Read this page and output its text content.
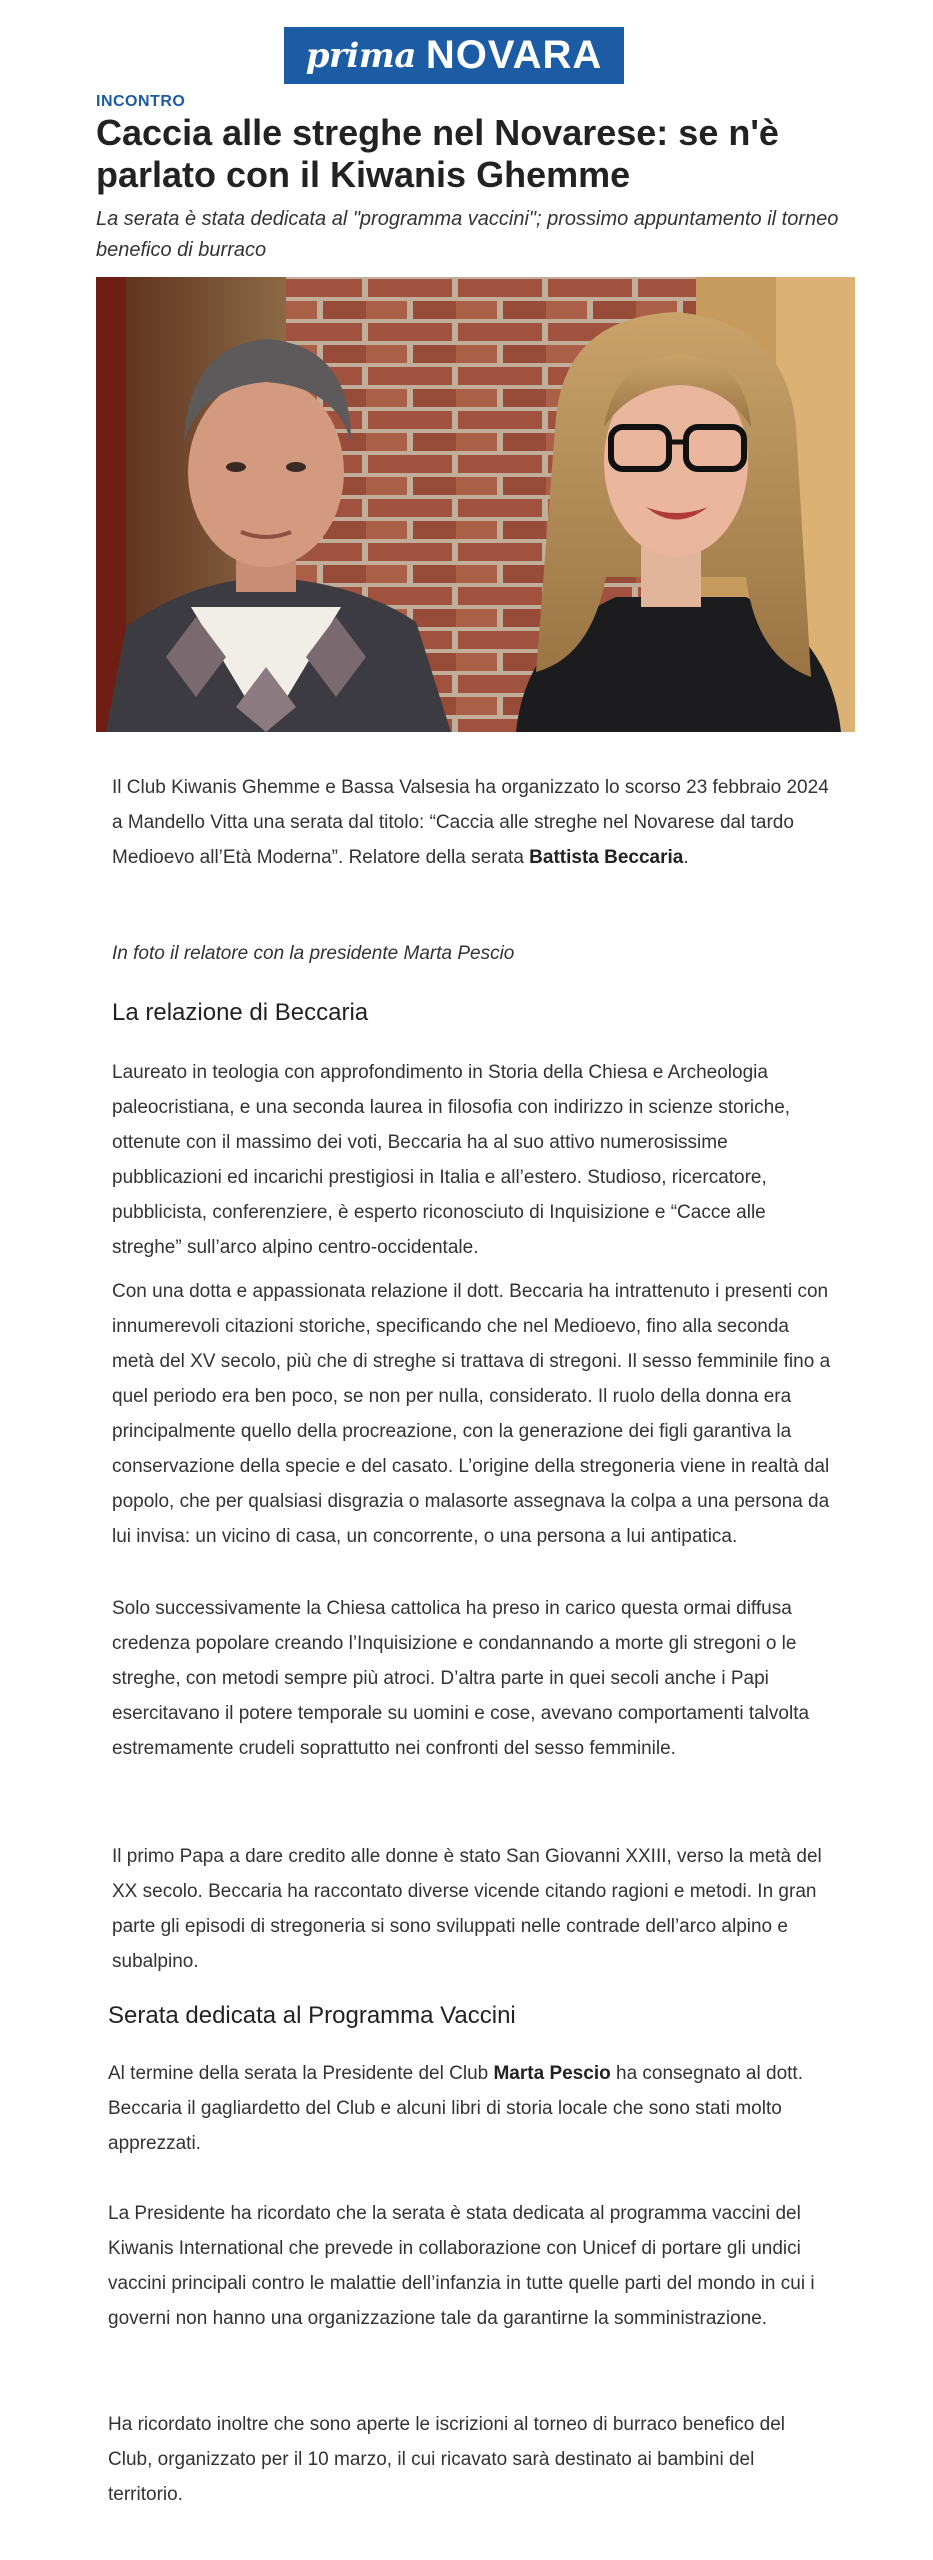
prima NOVARA
INCONTRO
Caccia alle streghe nel Novarese: se n'è parlato con il Kiwanis Ghemme

La serata è stata dedicata al "programma vaccini"; prossimo appuntamento il torneo benefico di burraco

Il Club Kiwanis Ghemme e Bassa Valsesia ha organizzato lo scorso 23 febbraio 2024 a Mandello Vitta una serata dal titolo: “Caccia alle streghe nel Novarese dal tardo Medioevo all’Età Moderna”. Relatore della serata Battista Beccaria.

In foto il relatore con la presidente Marta Pescio

La relazione di Beccaria

Laureato in teologia con approfondimento in Storia della Chiesa e Archeologia paleocristiana, e una seconda laurea in filosofia con indirizzo in scienze storiche, ottenute con il massimo dei voti, Beccaria ha al suo attivo numerosissime pubblicazioni ed incarichi prestigiosi in Italia e all’estero. Studioso, ricercatore, pubblicista, conferenziere, è esperto riconosciuto di Inquisizione e “Cacce alle streghe” sull’arco alpino centro-occidentale.

Con una dotta e appassionata relazione il dott. Beccaria ha intrattenuto i presenti con innumerevoli citazioni storiche, specificando che nel Medioevo, fino alla seconda metà del XV secolo, più che di streghe si trattava di stregoni. Il sesso femminile fino a quel periodo era ben poco, se non per nulla, considerato. Il ruolo della donna era principalmente quello della procreazione, con la generazione dei figli garantiva la conservazione della specie e del casato. L’origine della stregoneria viene in realtà dal popolo, che per qualsiasi disgrazia o malasorte assegnava la colpa a una persona da lui invisa: un vicino di casa, un concorrente, o una persona a lui antipatica.

Solo successivamente la Chiesa cattolica ha preso in carico questa ormai diffusa credenza popolare creando l’Inquisizione e condannando a morte gli stregoni o le streghe, con metodi sempre più atroci. D’altra parte in quei secoli anche i Papi esercitavano il potere temporale su uomini e cose, avevano comportamenti talvolta estremamente crudeli soprattutto nei confronti del sesso femminile.

Il primo Papa a dare credito alle donne è stato San Giovanni XXIII, verso la metà del XX secolo. Beccaria ha raccontato diverse vicende citando ragioni e metodi. In gran parte gli episodi di stregoneria si sono sviluppati nelle contrade dell’arco alpino e subalpino.

Serata dedicata al Programma Vaccini

Al termine della serata la Presidente del Club Marta Pescio ha consegnato al dott. Beccaria il gagliardetto del Club e alcuni libri di storia locale che sono stati molto apprezzati.

La Presidente ha ricordato che la serata è stata dedicata al programma vaccini del Kiwanis International che prevede in collaborazione con Unicef di portare gli undici vaccini principali contro le malattie dell’infanzia in tutte quelle parti del mondo in cui i governi non hanno una organizzazione tale da garantirne la somministrazione.

Ha ricordato inoltre che sono aperte le iscrizioni al torneo di burraco benefico del Club, organizzato per il 10 marzo, il cui ricavato sarà destinato ai bambini del territorio.
